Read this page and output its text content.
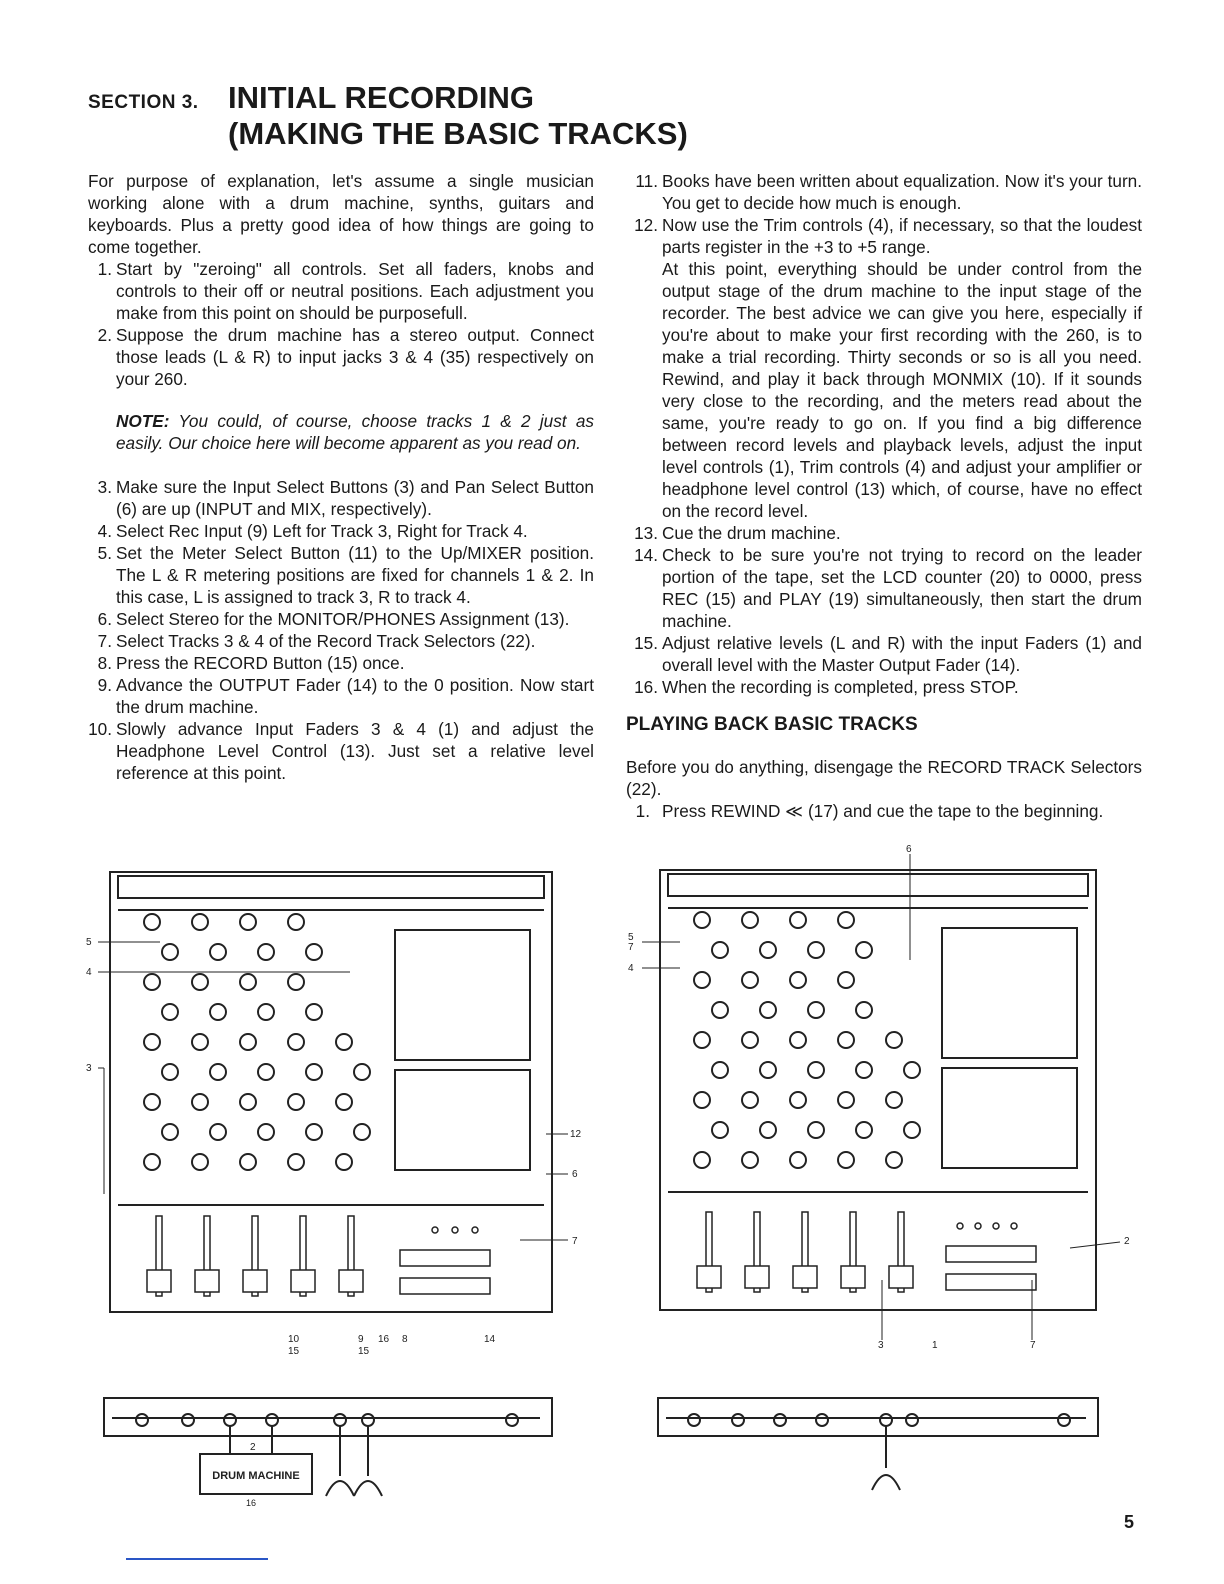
SECTION 3. INITIAL RECORDING
(MAKING THE BASIC TRACKS)

For purpose of explanation, let's assume a single musician working alone with a drum machine, synths, guitars and keyboards. Plus a pretty good idea of how things are going to come together.

1. Start by "zeroing" all controls. Set all faders, knobs and controls to their off or neutral positions. Each adjustment you make from this point on should be purposefull.
2. Suppose the drum machine has a stereo output. Connect those leads (L & R) to input jacks 3 & 4 (35) respectively on your 260.

NOTE: You could, of course, choose tracks 1 & 2 just as easily. Our choice here will become apparent as you read on.

3. Make sure the Input Select Buttons (3) and Pan Select Button (6) are up (INPUT and MIX, respectively).
4. Select Rec Input (9) Left for Track 3, Right for Track 4.
5. Set the Meter Select Button (11) to the Up/MIXER position. The L & R metering positions are fixed for channels 1 & 2. In this case, L is assigned to track 3, R to track 4.
6. Select Stereo for the MONITOR/PHONES Assignment (13).
7. Select Tracks 3 & 4 of the Record Track Selectors (22).
8. Press the RECORD Button (15) once.
9. Advance the OUTPUT Fader (14) to the 0 position. Now start the drum machine.
10. Slowly advance Input Faders 3 & 4 (1) and adjust the Headphone Level Control (13). Just set a relative level reference at this point.
11. Books have been written about equalization. Now it's your turn. You get to decide how much is enough.
12. Now use the Trim controls (4), if necessary, so that the loudest parts register in the +3 to +5 range.

At this point, everything should be under control from the output stage of the drum machine to the input stage of the recorder. The best advice we can give you here, especially if you're about to make your first recording with the 260, is to make a trial recording. Thirty seconds or so is all you need. Rewind, and play it back through MONMIX (10). If it sounds very close to the recording, and the meters read about the same, you're ready to go on. If you find a big difference between record levels and playback levels, adjust the input level controls (1), Trim controls (4) and adjust your amplifier or headphone level control (13) which, of course, have no effect on the record level.

13. Cue the drum machine.
14. Check to be sure you're not trying to record on the leader portion of the tape, set the LCD counter (20) to 0000, press REC (15) and PLAY (19) simultaneously, then start the drum machine.
15. Adjust relative levels (L and R) with the input Faders (1) and overall level with the Master Output Fader (14).
16. When the recording is completed, press STOP.
PLAYING BACK BASIC TRACKS

Before you do anything, disengage the RECORD TRACK Selectors (22).

1. Press REWIND ≪ (17) and cue the tape to the beginning.
5
4
3
12
6
7
10
15
9
15
16 8	14
6
5
7
4
2
3	1	7
2
DRUM MACHINE
16
5
